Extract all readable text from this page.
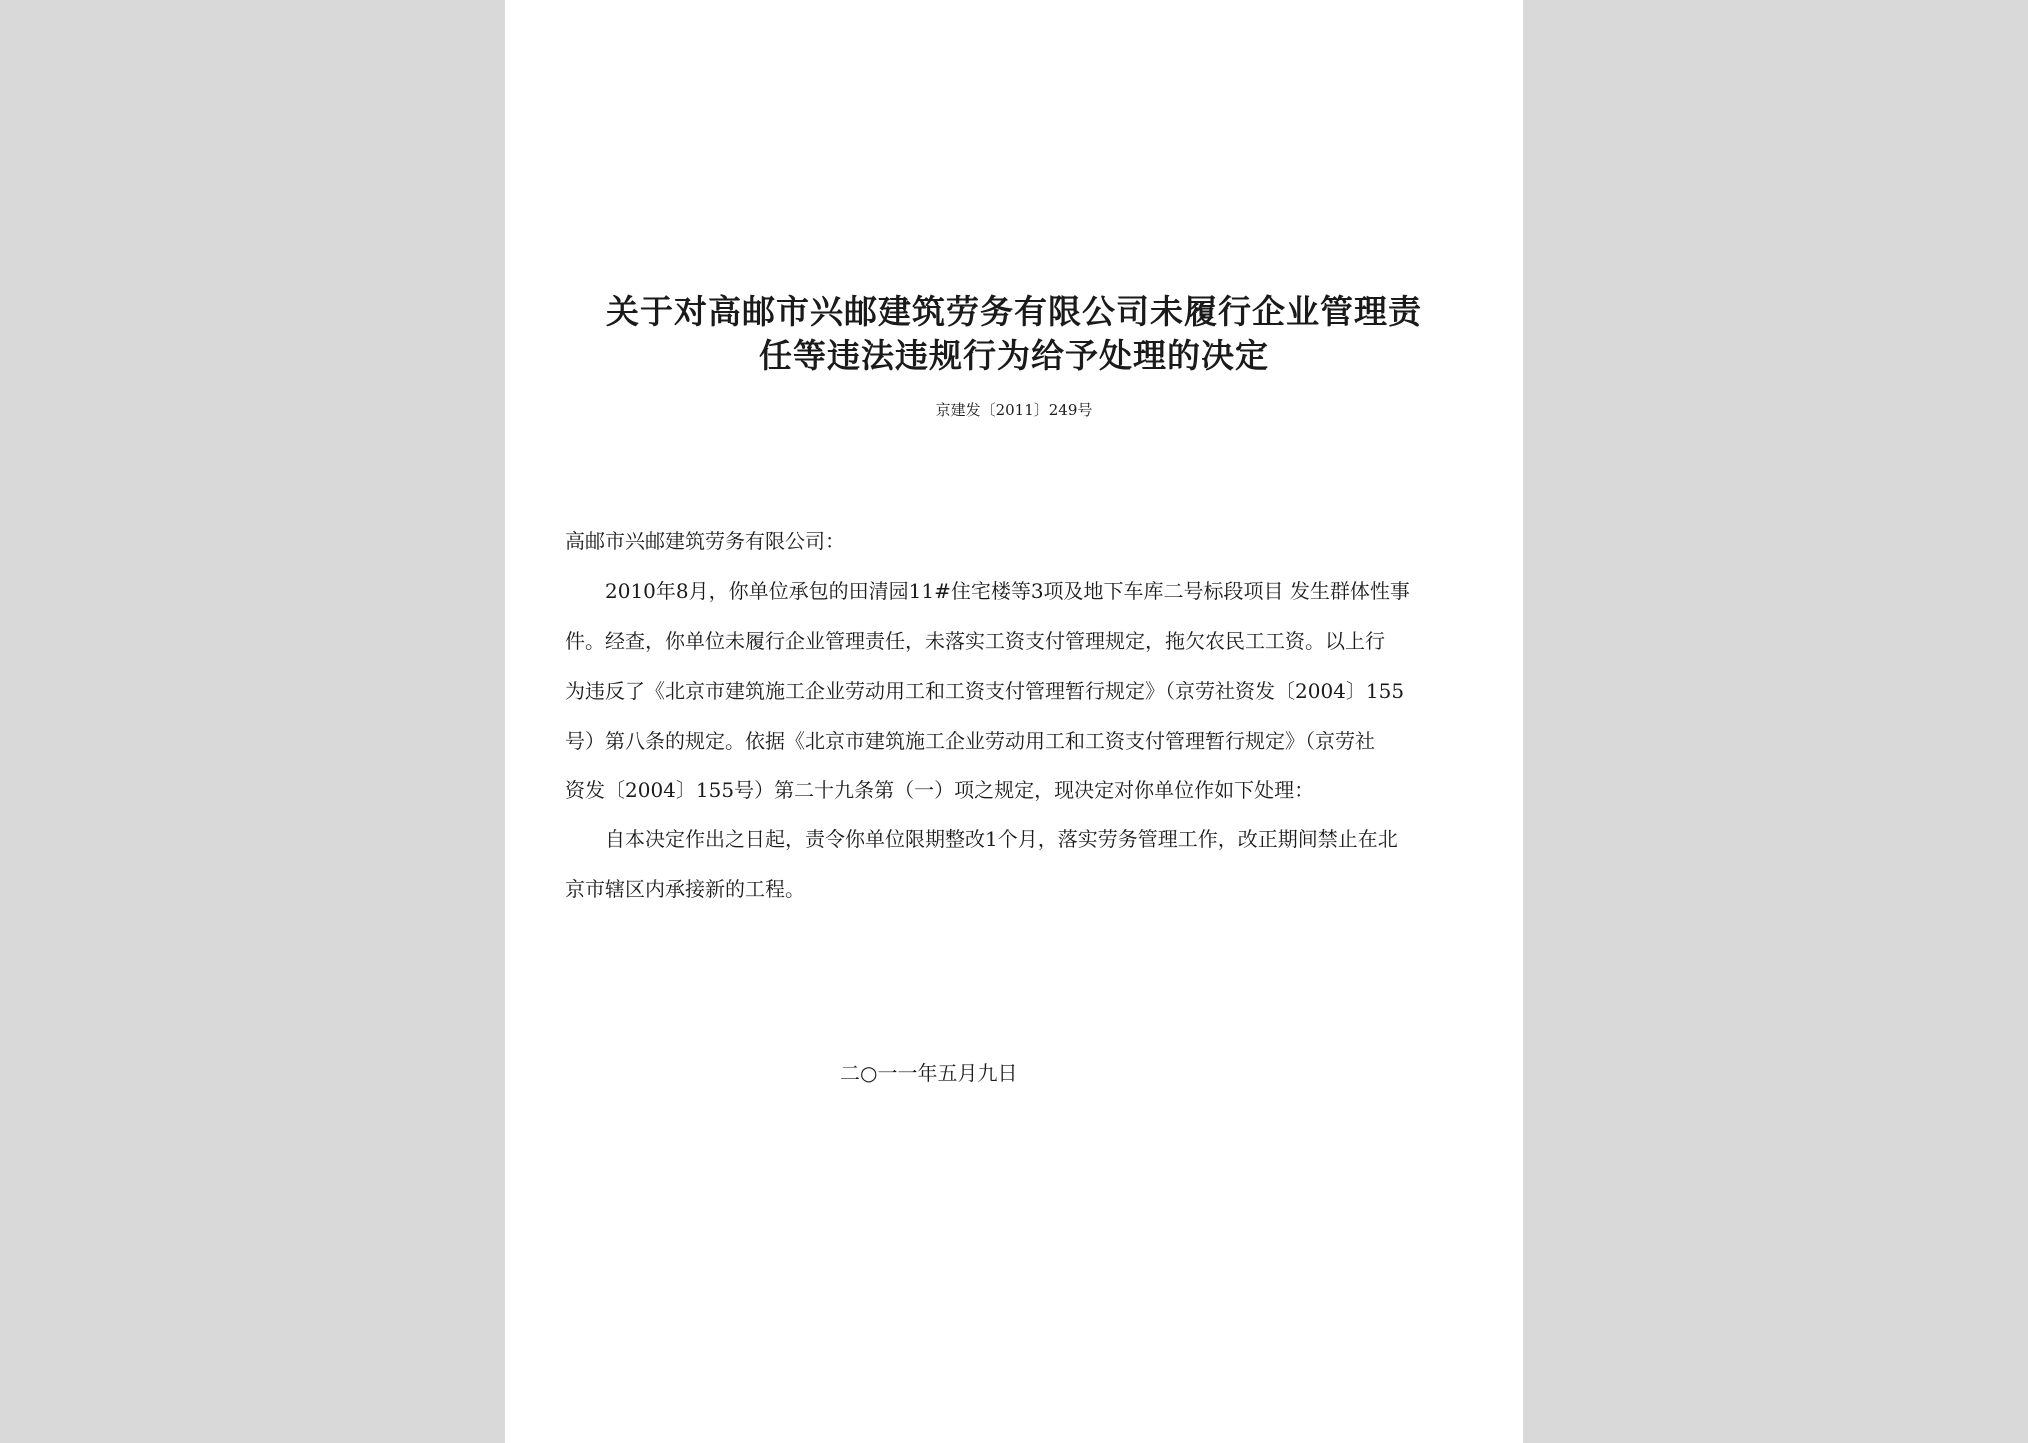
关于对高邮市兴邮建筑劳务有限公司未履行企业管理责
任等违法违规行为给予处理的决定
京建发〔2011〕249号
高邮市兴邮建筑劳务有限公司：
　　2010年8月，你单位承包的田清园11#住宅楼等3项及地下车库二号标段项目 发生群体性事
件。经查，你单位未履行企业管理责任，未落实工资支付管理规定，拖欠农民工工资。以上行
为违反了《北京市建筑施工企业劳动用工和工资支付管理暂行规定》（京劳社资发〔2004〕155
号）第八条的规定。依据《北京市建筑施工企业劳动用工和工资支付管理暂行规定》（京劳社
资发〔2004〕155号）第二十九条第（一）项之规定，现决定对你单位作如下处理：
　　自本决定作出之日起，责令你单位限期整改1个月，落实劳务管理工作，改正期间禁止在北
京市辖区内承接新的工程。
二○一一年五月九日
